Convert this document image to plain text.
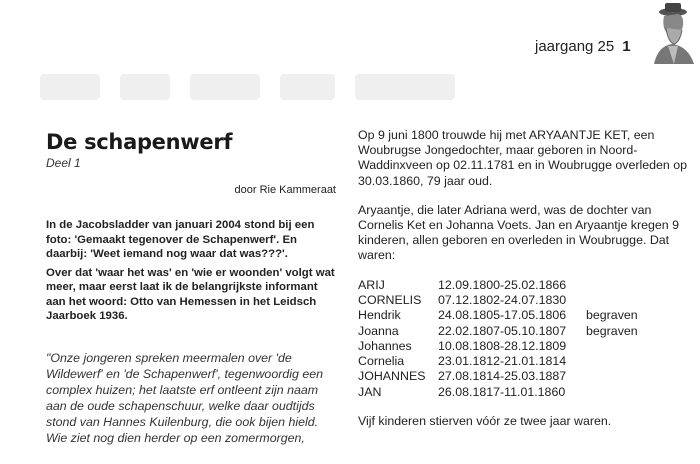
jaargang 25 1
De schapenwerf
Deel 1
door Rie Kammeraat

In de Jacobsladder van januari 2004 stond bij een foto: 'Gemaakt tegenover de Schapenwerf'. En daarbij: 'Weet iemand nog waar dat was???'.

Over dat 'waar het was' en 'wie er woonden' volgt wat meer, maar eerst laat ik de belangrijkste informant aan het woord: Otto van Hemessen in het Leidsch Jaarboek 1936.

"Onze jongeren spreken meermalen over 'de Wildewerf' en 'de Schapenwerf', tegenwoordig een complex huizen; het laatste erf ontleent zijn naam aan de oude schapenschuur, welke daar oudtijds stond van Hannes Kuilenburg, die ook bijen hield.
Wie ziet nog dien herder op een zomermorgen,

Op 9 juni 1800 trouwde hij met ARYAANTJE KET, een Woubrugse Jongedochter, maar geboren in Noord-Waddinxveen op 02.11.1781 en in Woubrugge overleden op 30.03.1860, 79 jaar oud.

Aryaantje, die later Adriana werd, was de dochter van Cornelis Ket en Johanna Voets. Jan en Aryaantje kregen 9 kinderen, allen geboren en overleden in Woubrugge. Dat waren:

ARIJ	12.09.1800-25.02.1866	
CORNELIS	07.12.1802-24.07.1830	
Hendrik	24.08.1805-17.05.1806	begraven
Joanna	22.02.1807-05.10.1807	begraven
Johannes	10.08.1808-28.12.1809	
Cornelia	23.01.1812-21.01.1814	
JOHANNES	27.08.1814-25.03.1887	
JAN	26.08.1817-11.01.1860	

Vijf kinderen stierven vóór ze twee jaar waren.
